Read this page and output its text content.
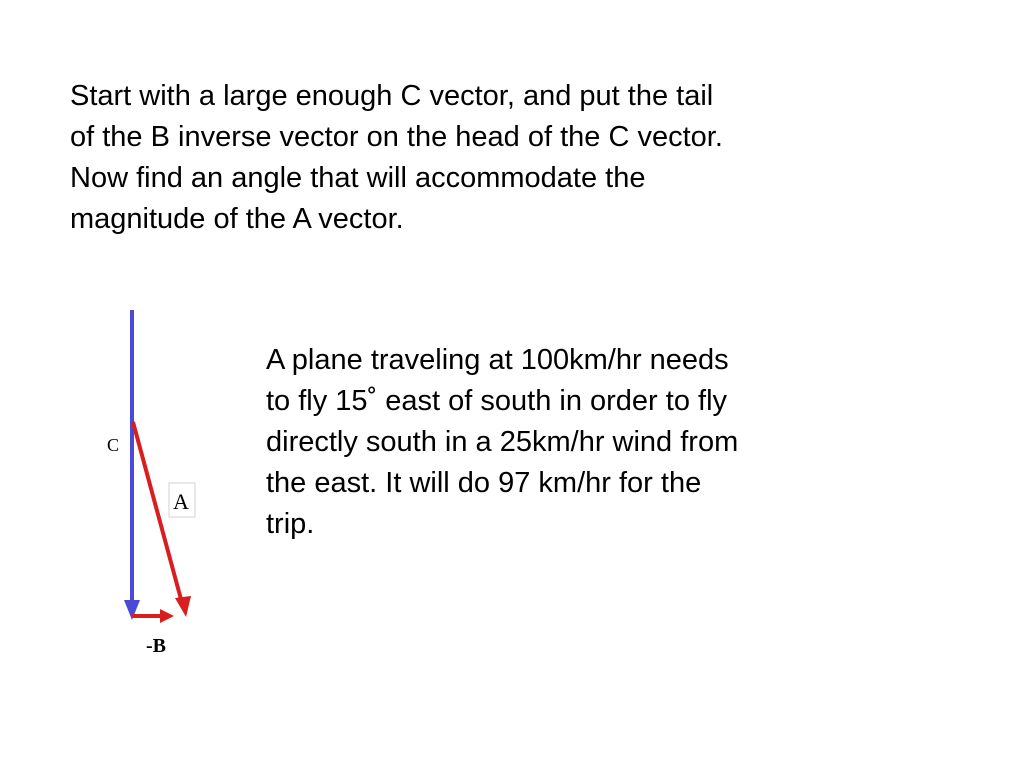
Start with a large enough C vector, and put the tail
of the B inverse vector on the head of the C vector.
Now find an angle that will accommodate the
magnitude of the A vector.
A plane traveling at 100km/hr needs
to fly 15˚ east of south in order to fly
directly south in a 25km/hr wind from
the east. It will do 97 km/hr for the
trip.
C
A
-B
